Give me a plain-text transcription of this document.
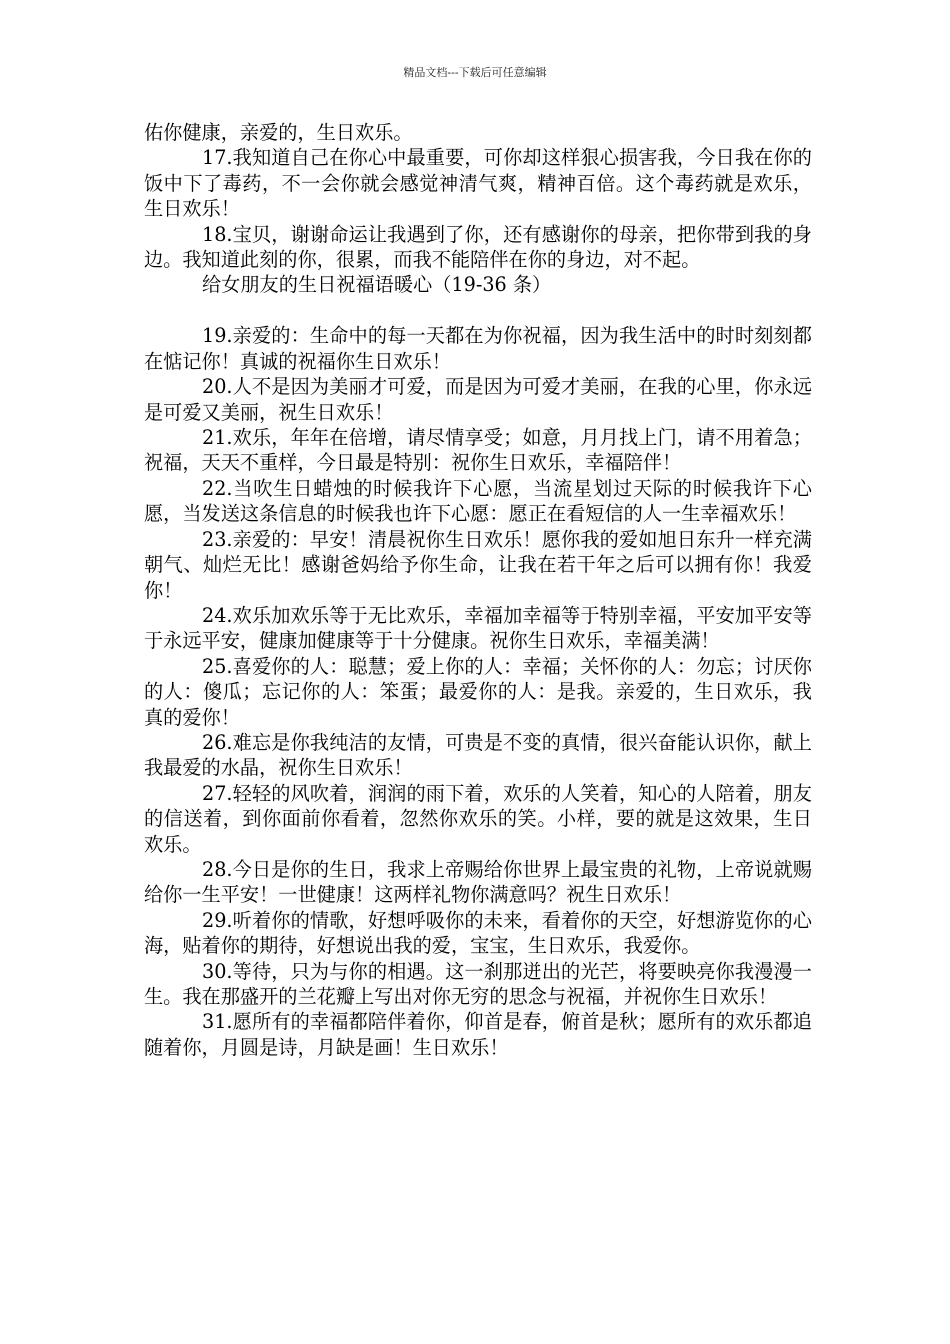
精品文档---下载后可任意编辑

佑你健康，亲爱的，生日欢乐。

17.我知道自己在你心中最重要，可你却这样狠心损害我，今日我在你的饭中下了毒药，不一会你就会感觉神清气爽，精神百倍。这个毒药就是欢乐，生日欢乐！

18.宝贝，谢谢命运让我遇到了你，还有感谢你的母亲，把你带到我的身边。我知道此刻的你，很累，而我不能陪伴在你的身边，对不起。

给女朋友的生日祝福语暖心（19-36 条）

19.亲爱的：生命中的每一天都在为你祝福，因为我生活中的时时刻刻都在惦记你！真诚的祝福你生日欢乐！

20.人不是因为美丽才可爱，而是因为可爱才美丽，在我的心里，你永远是可爱又美丽，祝生日欢乐！

21.欢乐，年年在倍增，请尽情享受；如意，月月找上门，请不用着急；祝福，天天不重样，今日最是特别：祝你生日欢乐，幸福陪伴！

22.当吹生日蜡烛的时候我许下心愿，当流星划过天际的时候我许下心愿，当发送这条信息的时候我也许下心愿：愿正在看短信的人一生幸福欢乐！

23.亲爱的：早安！清晨祝你生日欢乐！愿你我的爱如旭日东升一样充满朝气、灿烂无比！感谢爸妈给予你生命，让我在若干年之后可以拥有你！我爱你！

24.欢乐加欢乐等于无比欢乐，幸福加幸福等于特别幸福，平安加平安等于永远平安，健康加健康等于十分健康。祝你生日欢乐，幸福美满！

25.喜爱你的人：聪慧；爱上你的人：幸福；关怀你的人：勿忘；讨厌你的人：傻瓜；忘记你的人：笨蛋；最爱你的人：是我。亲爱的，生日欢乐，我真的爱你！

26.难忘是你我纯洁的友情，可贵是不变的真情，很兴奋能认识你，献上我最爱的水晶，祝你生日欢乐！

27.轻轻的风吹着，润润的雨下着，欢乐的人笑着，知心的人陪着，朋友的信送着，到你面前你看着，忽然你欢乐的笑。小样，要的就是这效果，生日欢乐。

28.今日是你的生日，我求上帝赐给你世界上最宝贵的礼物，上帝说就赐给你一生平安！一世健康！这两样礼物你满意吗？祝生日欢乐！

29.听着你的情歌，好想呼吸你的未来，看着你的天空，好想游览你的心海，贴着你的期待，好想说出我的爱，宝宝，生日欢乐，我爱你。

30.等待，只为与你的相遇。这一刹那迸出的光芒，将要映亮你我漫漫一生。我在那盛开的兰花瓣上写出对你无穷的思念与祝福，并祝你生日欢乐！

31.愿所有的幸福都陪伴着你，仰首是春，俯首是秋；愿所有的欢乐都追随着你，月圆是诗，月缺是画！生日欢乐！
